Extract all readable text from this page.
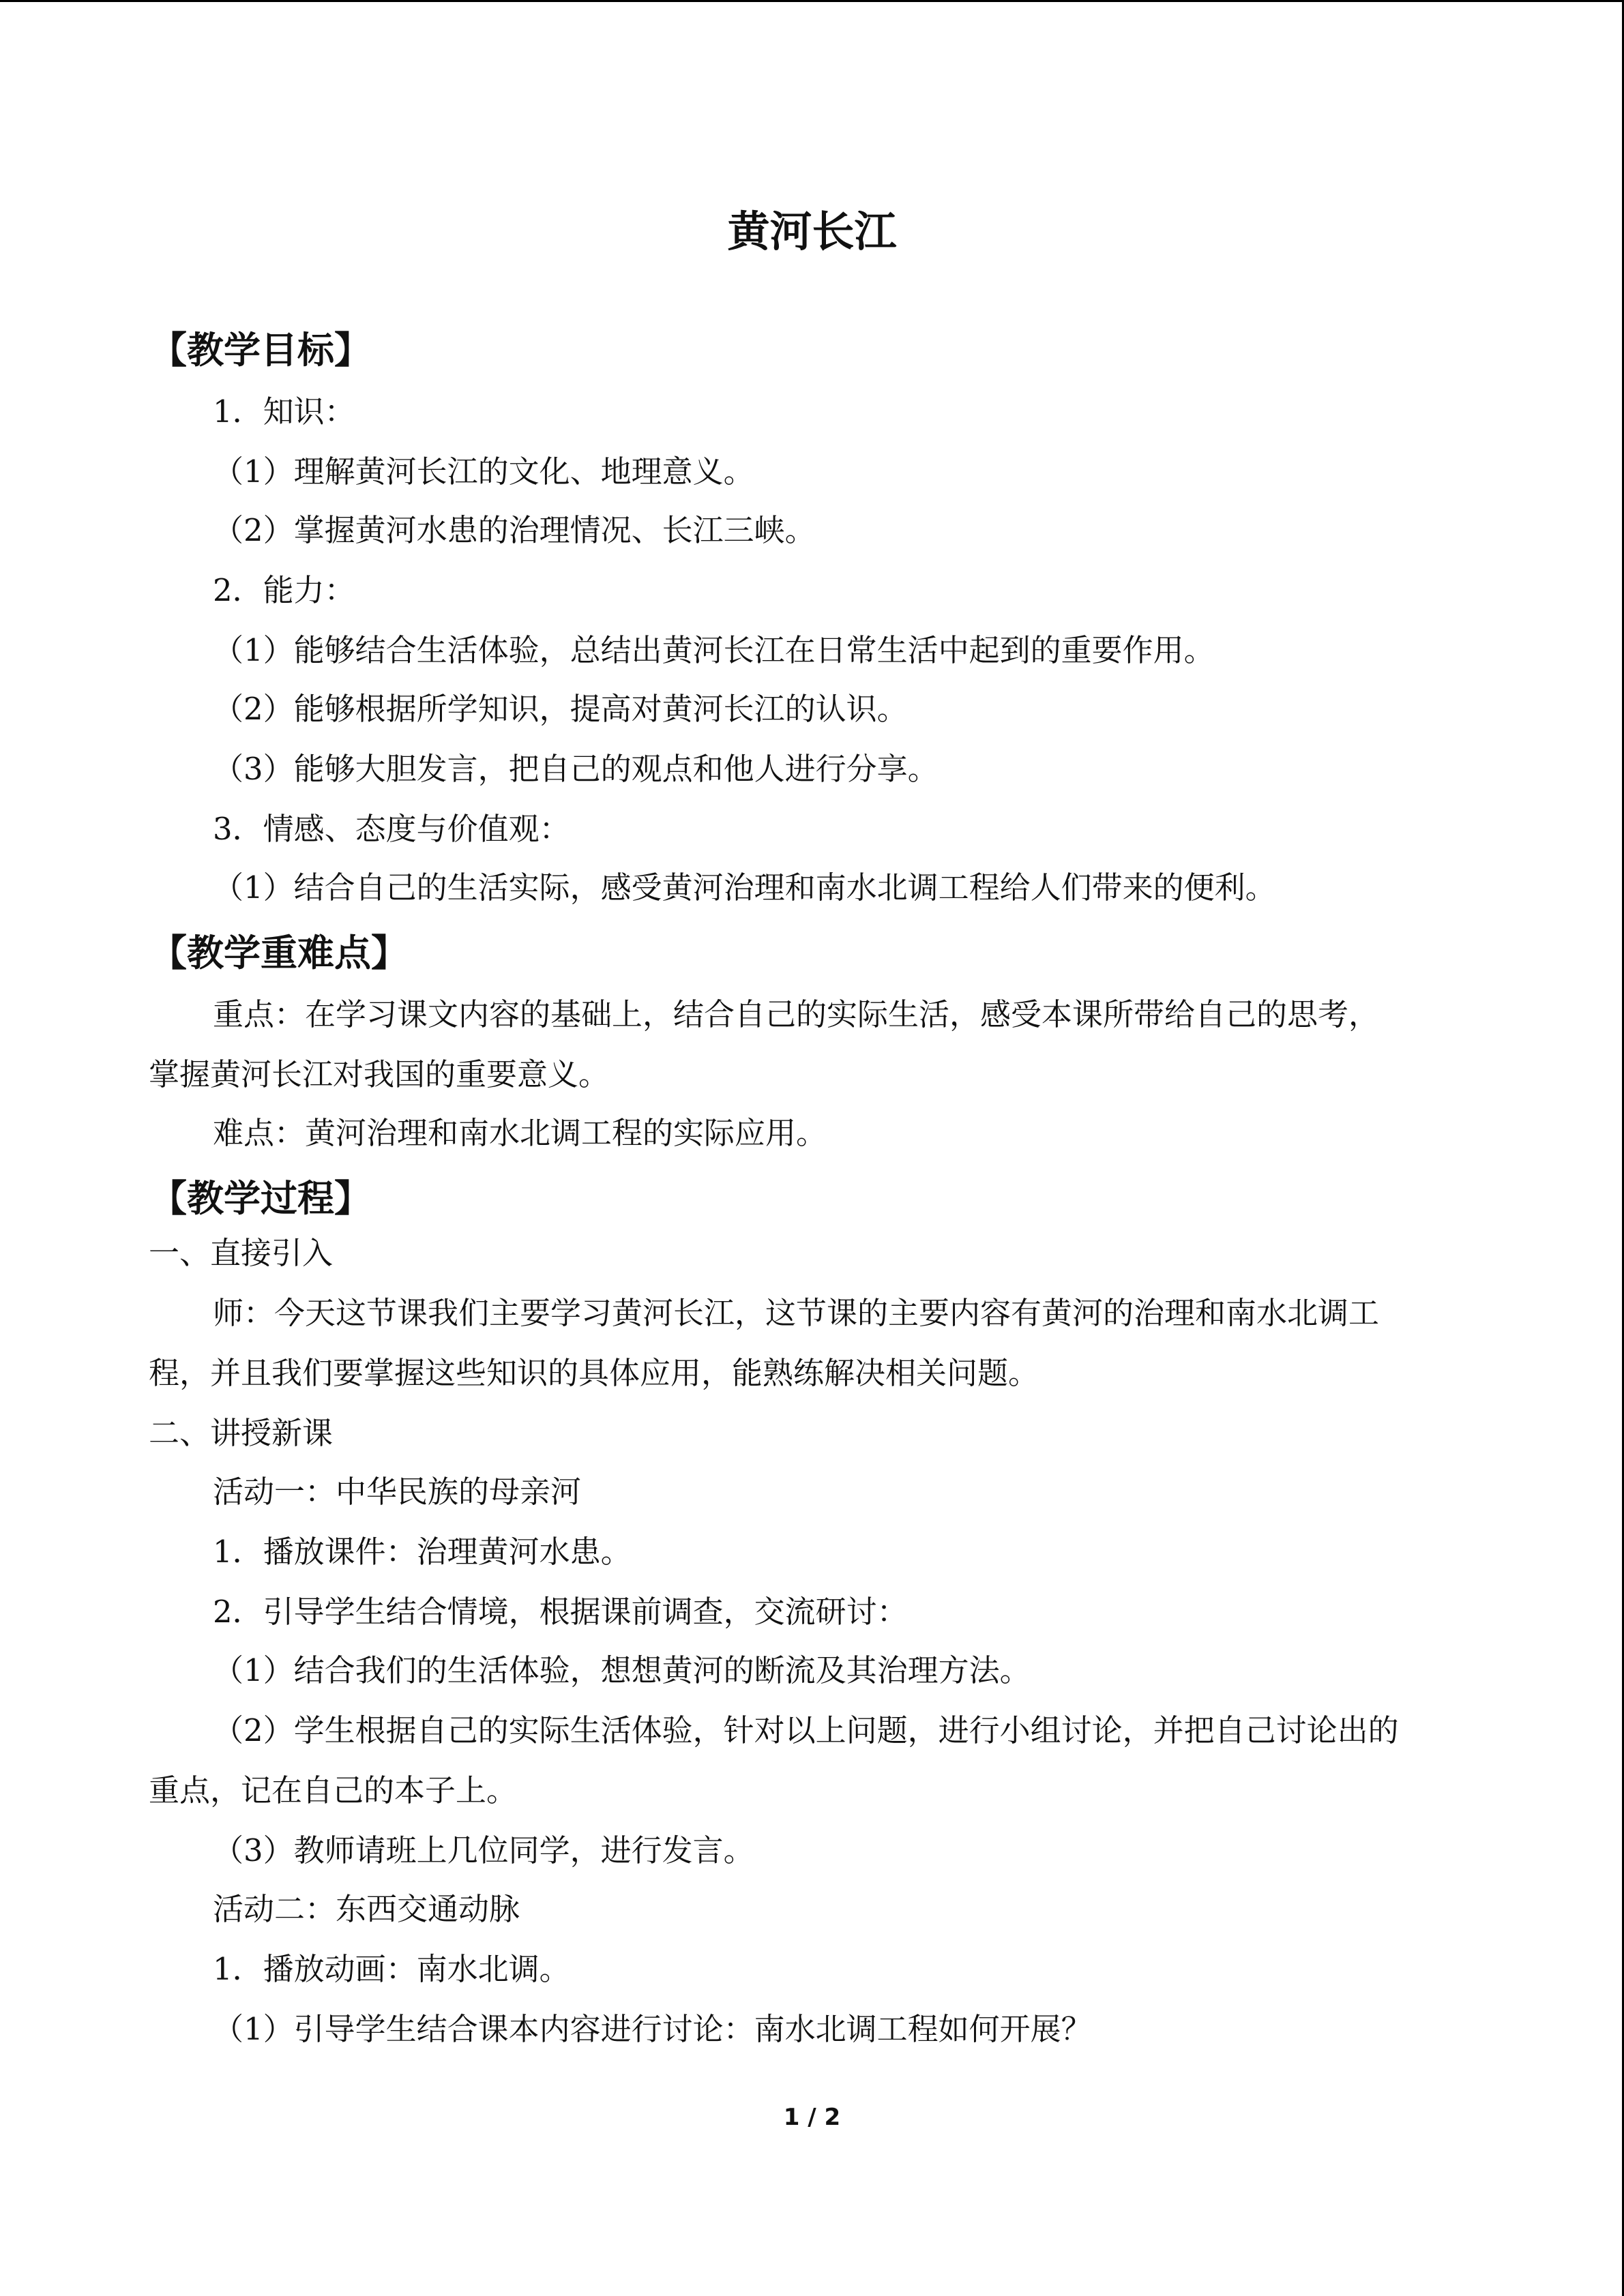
黄河长江
【教学目标】
1．知识：
（1）理解黄河长江的文化、地理意义。
（2）掌握黄河水患的治理情况、长江三峡。
2．能力：
（1）能够结合生活体验，总结出黄河长江在日常生活中起到的重要作用。
（2）能够根据所学知识，提高对黄河长江的认识。
（3）能够大胆发言，把自己的观点和他人进行分享。
3．情感、态度与价值观：
（1）结合自己的生活实际，感受黄河治理和南水北调工程给人们带来的便利。
【教学重难点】
重点：在学习课文内容的基础上，结合自己的实际生活，感受本课所带给自己的思考，
掌握黄河长江对我国的重要意义。
难点：黄河治理和南水北调工程的实际应用。
【教学过程】
一、直接引入
师：今天这节课我们主要学习黄河长江，这节课的主要内容有黄河的治理和南水北调工
程，并且我们要掌握这些知识的具体应用，能熟练解决相关问题。
二、讲授新课
活动一：中华民族的母亲河
1．播放课件：治理黄河水患。
2．引导学生结合情境，根据课前调查，交流研讨：
（1）结合我们的生活体验，想想黄河的断流及其治理方法。
（2）学生根据自己的实际生活体验，针对以上问题，进行小组讨论，并把自己讨论出的
重点，记在自己的本子上。
（3）教师请班上几位同学，进行发言。
活动二：东西交通动脉
1．播放动画：南水北调。
（1）引导学生结合课本内容进行讨论：南水北调工程如何开展？
1 / 2
